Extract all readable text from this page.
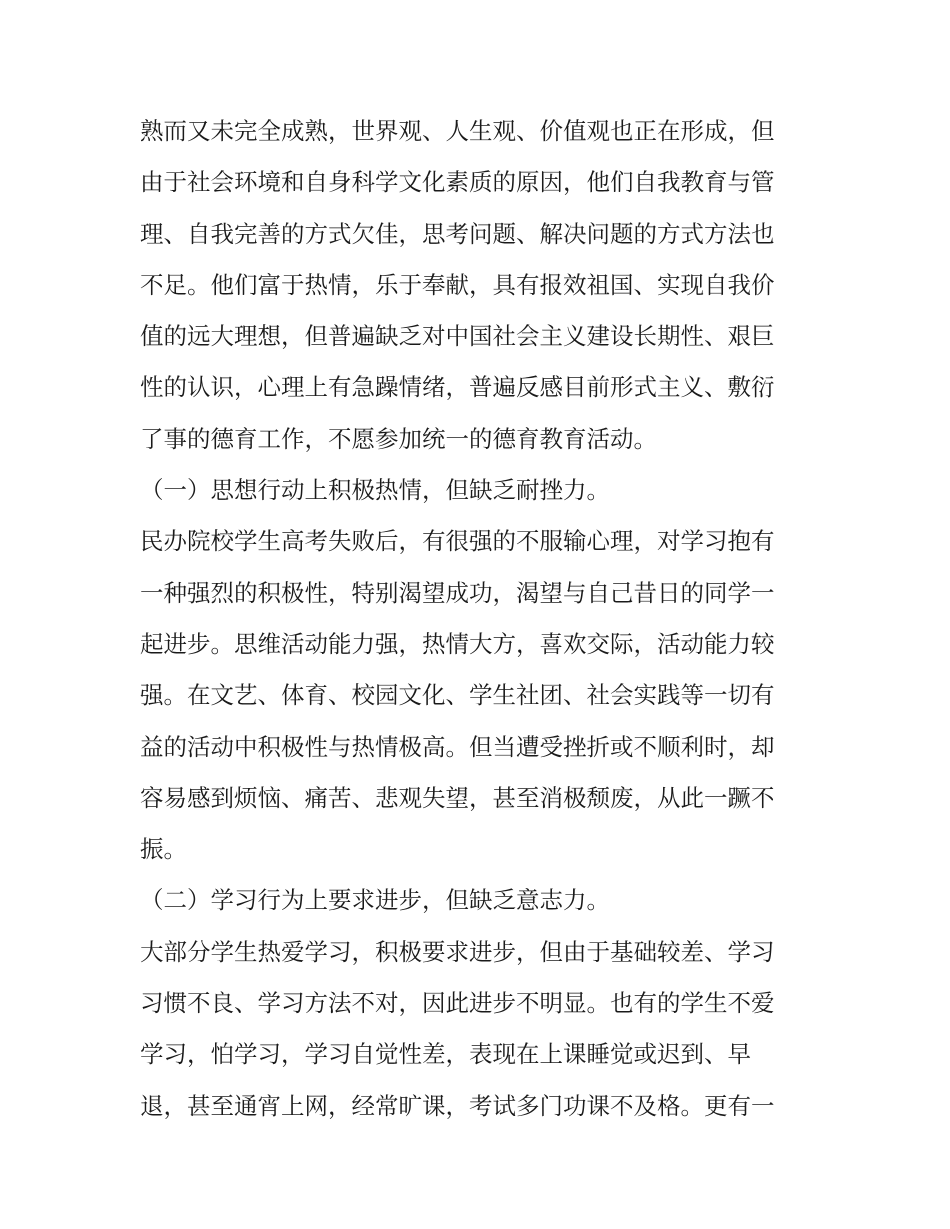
熟而又未完全成熟，世界观、人生观、价值观也正在形成，但
由于社会环境和自身科学文化素质的原因，他们自我教育与管
理、自我完善的方式欠佳，思考问题、解决问题的方式方法也
不足。他们富于热情，乐于奉献，具有报效祖国、实现自我价
值的远大理想，但普遍缺乏对中国社会主义建设长期性、艰巨
性的认识，心理上有急躁情绪，普遍反感目前形式主义、敷衍
了事的德育工作，不愿参加统一的德育教育活动。
（一）思想行动上积极热情，但缺乏耐挫力。
民办院校学生高考失败后，有很强的不服输心理，对学习抱有
一种强烈的积极性，特别渴望成功，渴望与自己昔日的同学一
起进步。思维活动能力强，热情大方，喜欢交际，活动能力较
强。在文艺、体育、校园文化、学生社团、社会实践等一切有
益的活动中积极性与热情极高。但当遭受挫折或不顺利时，却
容易感到烦恼、痛苦、悲观失望，甚至消极颓废，从此一蹶不
振。
（二）学习行为上要求进步，但缺乏意志力。
大部分学生热爱学习，积极要求进步，但由于基础较差、学习
习惯不良、学习方法不对，因此进步不明显。也有的学生不爱
学习，怕学习，学习自觉性差，表现在上课睡觉或迟到、早
退，甚至通宵上网，经常旷课，考试多门功课不及格。更有一
